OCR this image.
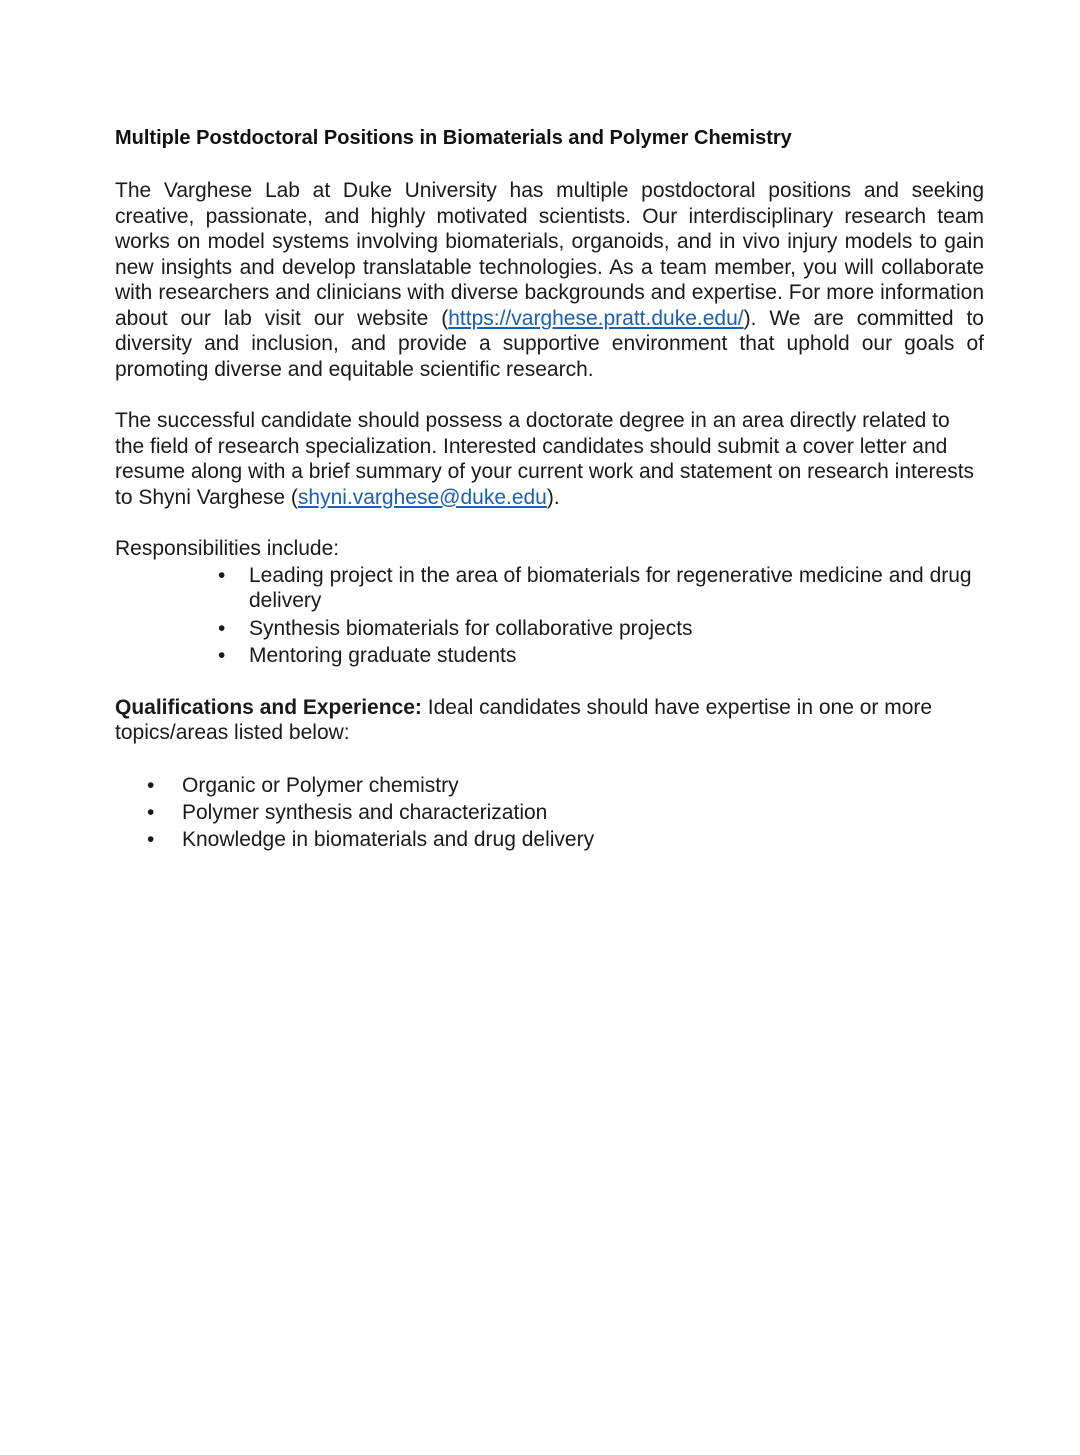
Multiple Postdoctoral Positions in Biomaterials and Polymer Chemistry

The Varghese Lab at Duke University has multiple postdoctoral positions and seeking creative, passionate, and highly motivated scientists. Our interdisciplinary research team works on model systems involving biomaterials, organoids, and in vivo injury models to gain new insights and develop translatable technologies. As a team member, you will collaborate with researchers and clinicians with diverse backgrounds and expertise. For more information about our lab visit our website (https://varghese.pratt.duke.edu/). We are committed to diversity and inclusion, and provide a supportive environment that uphold our goals of promoting diverse and equitable scientific research.

The successful candidate should possess a doctorate degree in an area directly related to the field of research specialization. Interested candidates should submit a cover letter and resume along with a brief summary of your current work and statement on research interests to Shyni Varghese (shyni.varghese@duke.edu).

Responsibilities include:

• Leading project in the area of biomaterials for regenerative medicine and drug delivery
• Synthesis biomaterials for collaborative projects
• Mentoring graduate students

Qualifications and Experience: Ideal candidates should have expertise in one or more topics/areas listed below:

• Organic or Polymer chemistry
• Polymer synthesis and characterization
• Knowledge in biomaterials and drug delivery
